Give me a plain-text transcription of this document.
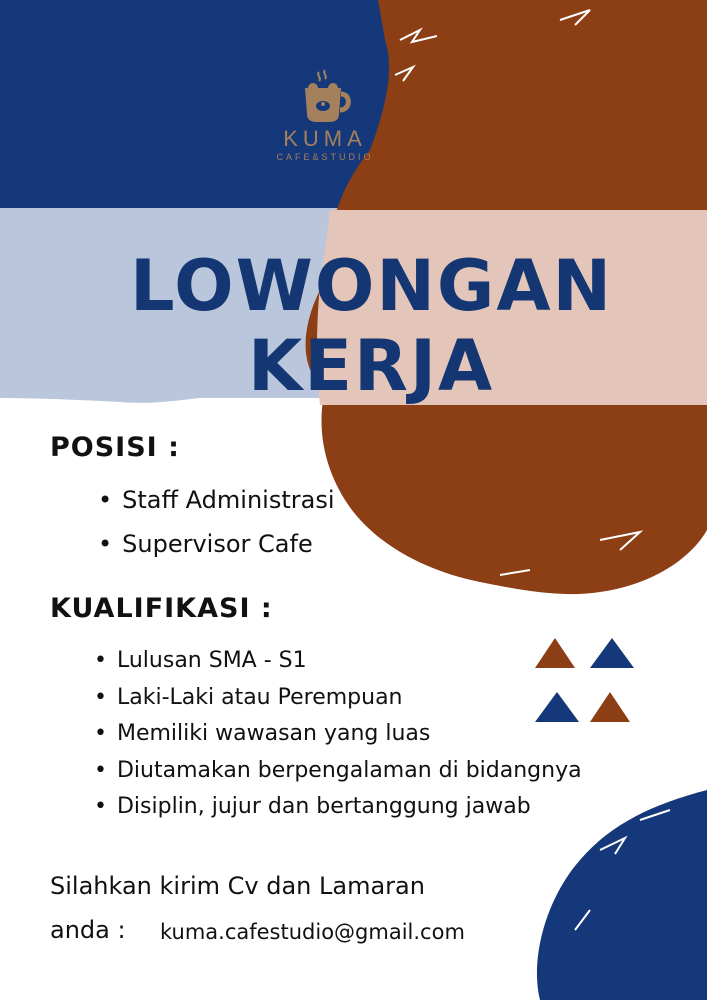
KUMA
CAFE&STUDIO
LOWONGAN
KERJA
POSISI :
• Staff Administrasi
• Supervisor Cafe
KUALIFIKASI :
• Lulusan SMA - S1
• Laki-Laki atau Perempuan
• Memiliki wawasan yang luas
• Diutamakan berpengalaman di bidangnya
• Disiplin, jujur dan bertanggung jawab
Silahkan kirim Cv dan Lamaran
anda : kuma.cafestudio@gmail.com
